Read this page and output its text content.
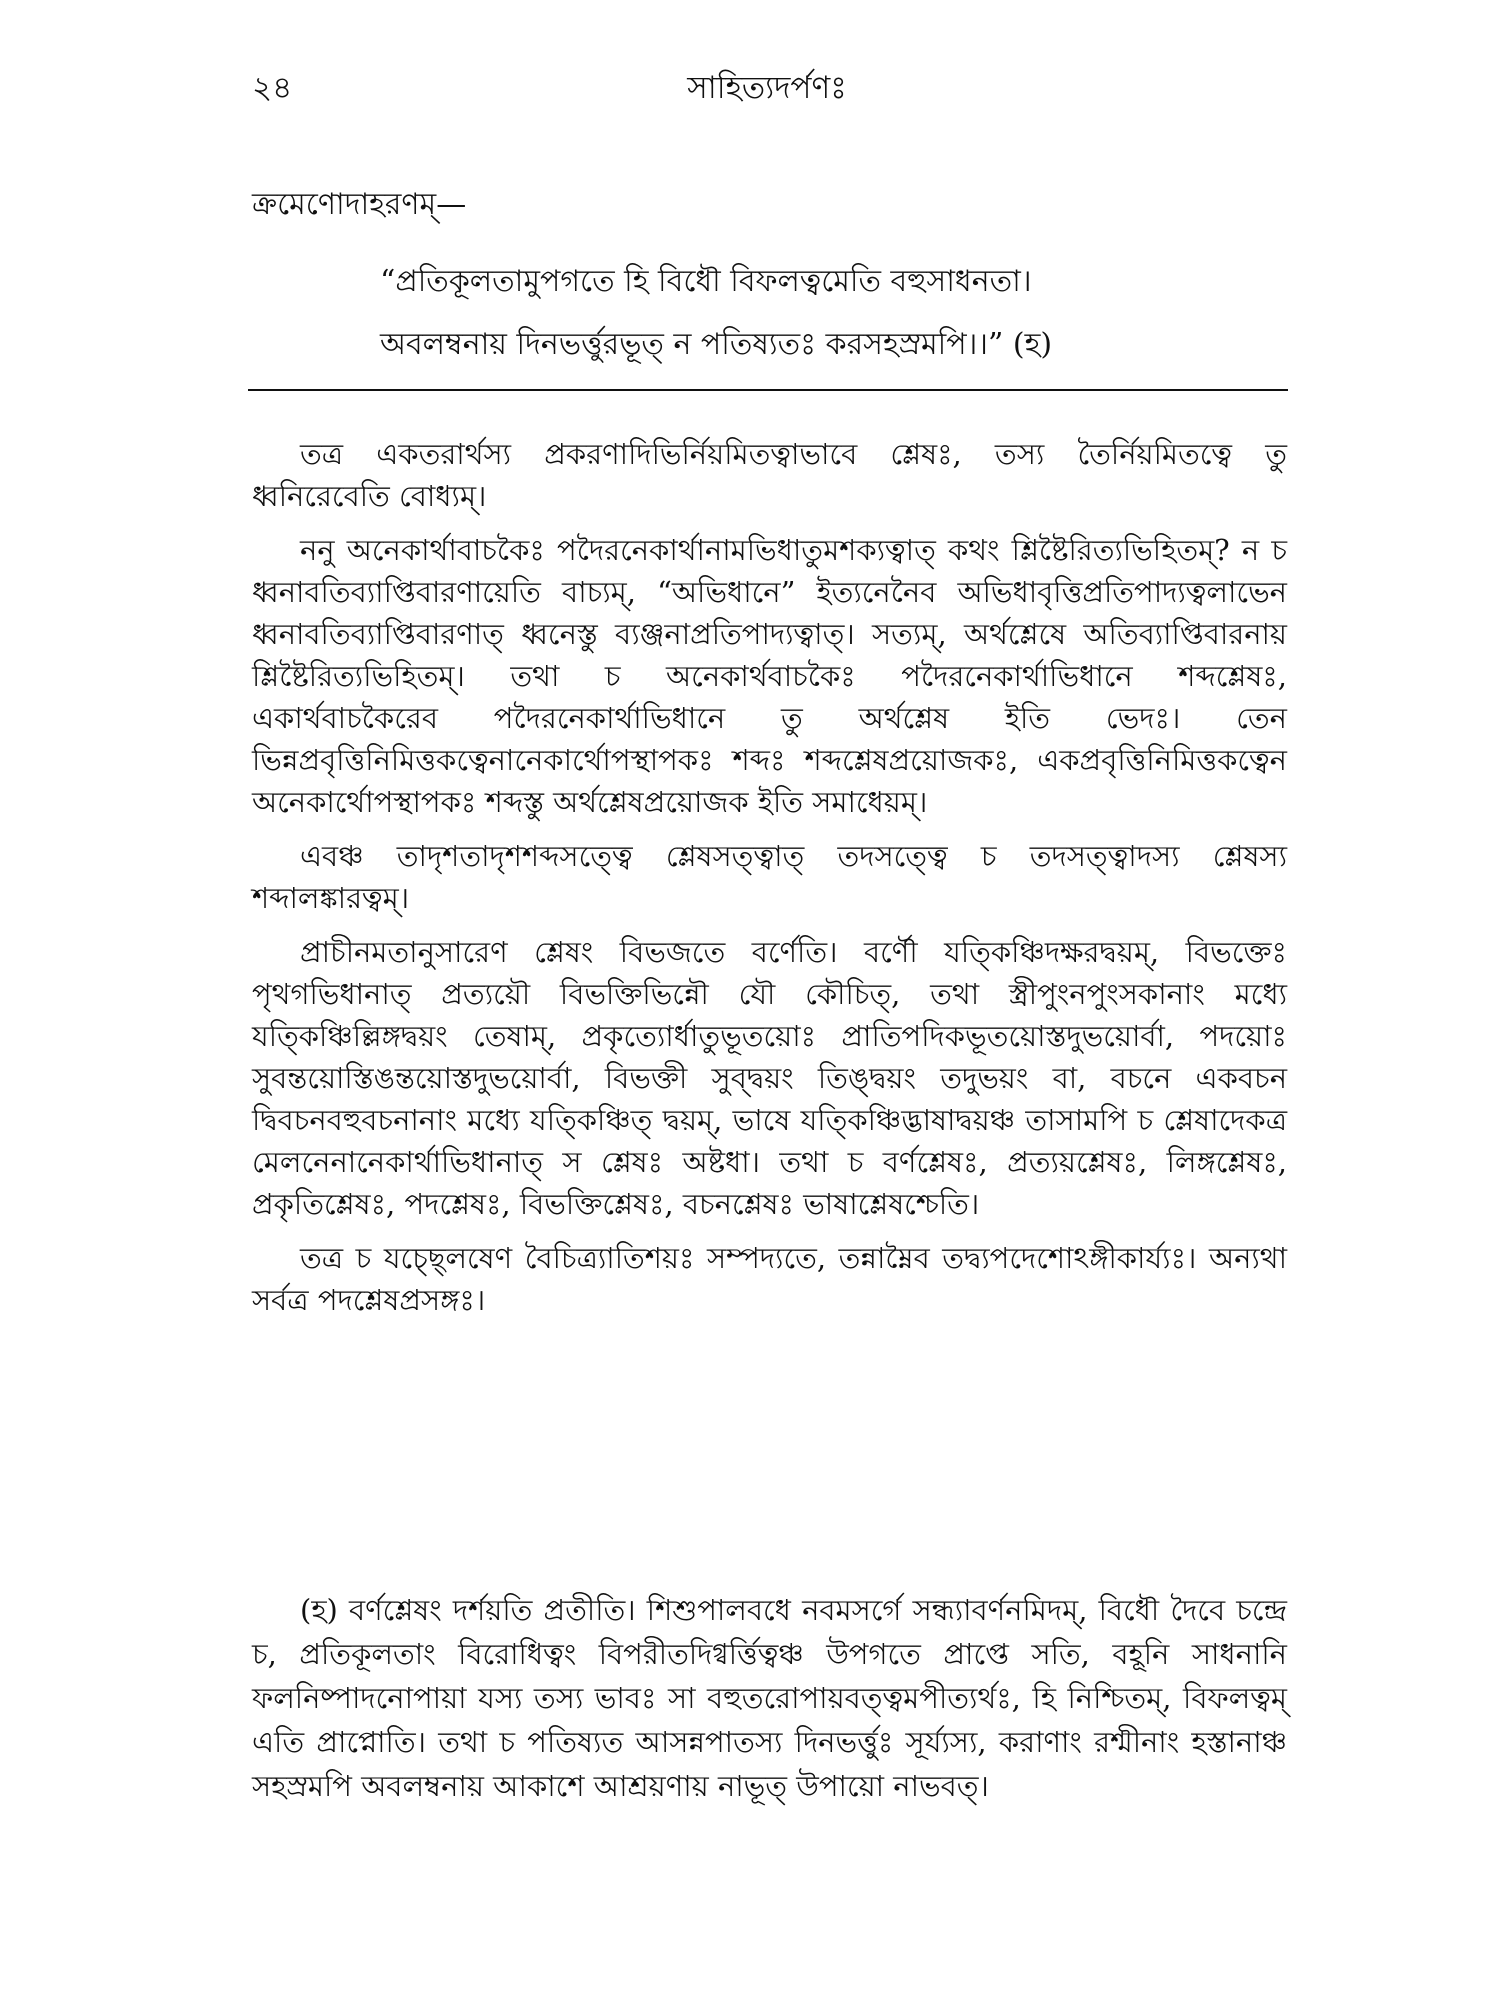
২৪	সাহিত্যদর্পণঃ
ক্রমেণোদাহরণম্—
“প্রতিকূলতামুপগতে হি বিধৌ বিফলত্বমেতি বহুসাধনতা।
অবলম্বনায় দিনভর্ত্তুরভূত্ ন পতিষ্যতঃ করসহস্রমপি।।” (হ)

তত্র একতরার্থস্য প্রকরণাদিভির্নিয়মিতত্বাভাবে শ্লেষঃ, তস্য তৈর্নিয়মিতত্বে তু ধ্বনিরেবেতি বোধ্যম্।

ননু অনেকার্থাবাচকৈঃ পদৈরনেকার্থানামভিধাতুমশক্যত্বাত্ কথং শ্লিষ্টৈরিত্যভিহিতম্? ন চ ধ্বনাবতিব্যাপ্তিবারণায়েতি বাচ্যম্, “অভিধানে” ইত্যনেনৈব অভিধাবৃত্তিপ্রতিপাদ্যত্বলাভেন ধ্বনাবতিব্যাপ্তিবারণাত্ ধ্বনেস্তু ব্যঞ্জনাপ্রতিপাদ্যত্বাত্। সত্যম্, অর্থশ্লেষে অতিব্যাপ্তিবারনায় শ্লিষ্টৈরিত্যভিহিতম্। তথা চ অনেকার্থবাচকৈঃ পদৈরনেকার্থাভিধানে শব্দশ্লেষঃ, একার্থবাচকৈরেব পদৈরনেকার্থাভিধানে তু অর্থশ্লেষ ইতি ভেদঃ। তেন ভিন্নপ্রবৃত্তিনিমিত্তকত্বেনানেকার্থোপস্থাপকঃ শব্দঃ শব্দশ্লেষপ্রয়োজকঃ, একপ্রবৃত্তিনিমিত্তকত্বেন অনেকার্থোপস্থাপকঃ শব্দস্তু অর্থশ্লেষপ্রয়োজক ইতি সমাধেয়ম্।

এবঞ্চ তাদৃশতাদৃশশব্দসত্ত্বে শ্লেষসত্ত্বাত্ তদসত্ত্বে চ তদসত্ত্বাদস্য শ্লেষস্য শব্দালঙ্কারত্বম্।

প্রাচীনমতানুসারেণ শ্লেষং বিভজতে বর্ণেতি। বর্ণৌ যত্কিঞ্চিদক্ষরদ্বয়ম্, বিভক্তেঃ পৃথগভিধানাত্ প্রত্যয়ৌ বিভক্তিভিন্নৌ যৌ কৌচিত্, তথা স্ত্রীপুংনপুংসকানাং মধ্যে যত্কিঞ্চিল্লিঙ্গদ্বয়ং তেষাম্, প্রকৃত্যোর্ধাতুভূতয়োঃ প্রাতিপদিকভূতয়োস্তদুভয়োর্বা, পদয়োঃ সুবন্তয়োস্তিঙন্তয়োস্তদুভয়োর্বা, বিভক্তী সুব্দ্বয়ং তিঙ্দ্বয়ং তদুভয়ং বা, বচনে একবচন দ্বিবচনবহুবচনানাং মধ্যে যত্কিঞ্চিত্ দ্বয়ম্, ভাষে যত্কিঞ্চিদ্ভাষাদ্বয়ঞ্চ তাসামপি চ শ্লেষাদেকত্র মেলনেনানেকার্থাভিধানাত্ স শ্লেষঃ অষ্টধা। তথা চ বর্ণশ্লেষঃ, প্রত্যয়শ্লেষঃ, লিঙ্গশ্লেষঃ, প্রকৃতিশ্লেষঃ, পদশ্লেষঃ, বিভক্তিশ্লেষঃ, বচনশ্লেষঃ ভাষাশ্লেষশ্চেতি।

তত্র চ যচ্ছ্লেষেণ বৈচিত্র্যাতিশয়ঃ সম্পদ্যতে, তন্নাম্নৈব তদ্ব্যপদেশোঽঙ্গীকার্য্যঃ। অন্যথা সর্বত্র পদশ্লেষপ্রসঙ্গঃ।

(হ) বর্ণশ্লেষং দর্শয়তি প্রতীতি। শিশুপালবধে নবমসর্গে সন্ধ্যাবর্ণনমিদম্, বিধৌ দৈবে চন্দ্রে চ, প্রতিকূলতাং বিরোধিত্বং বিপরীতদিগ্বর্ত্তিত্বঞ্চ উপগতে প্রাপ্তে সতি, বহূনি সাধনানি ফলনিষ্পাদনোপায়া যস্য তস্য ভাবঃ সা বহুতরোপায়বত্ত্বমপীত্যর্থঃ, হি নিশ্চিতম্, বিফলত্বম্ এতি প্রাপ্নোতি। তথা চ পতিষ্যত আসন্নপাতস্য দিনভর্ত্তুঃ সূর্য্যস্য, করাণাং রশ্মীনাং হস্তানাঞ্চ সহস্রমপি অবলম্বনায় আকাশে আশ্রয়ণায় নাভূত্ উপায়ো নাভবত্।
